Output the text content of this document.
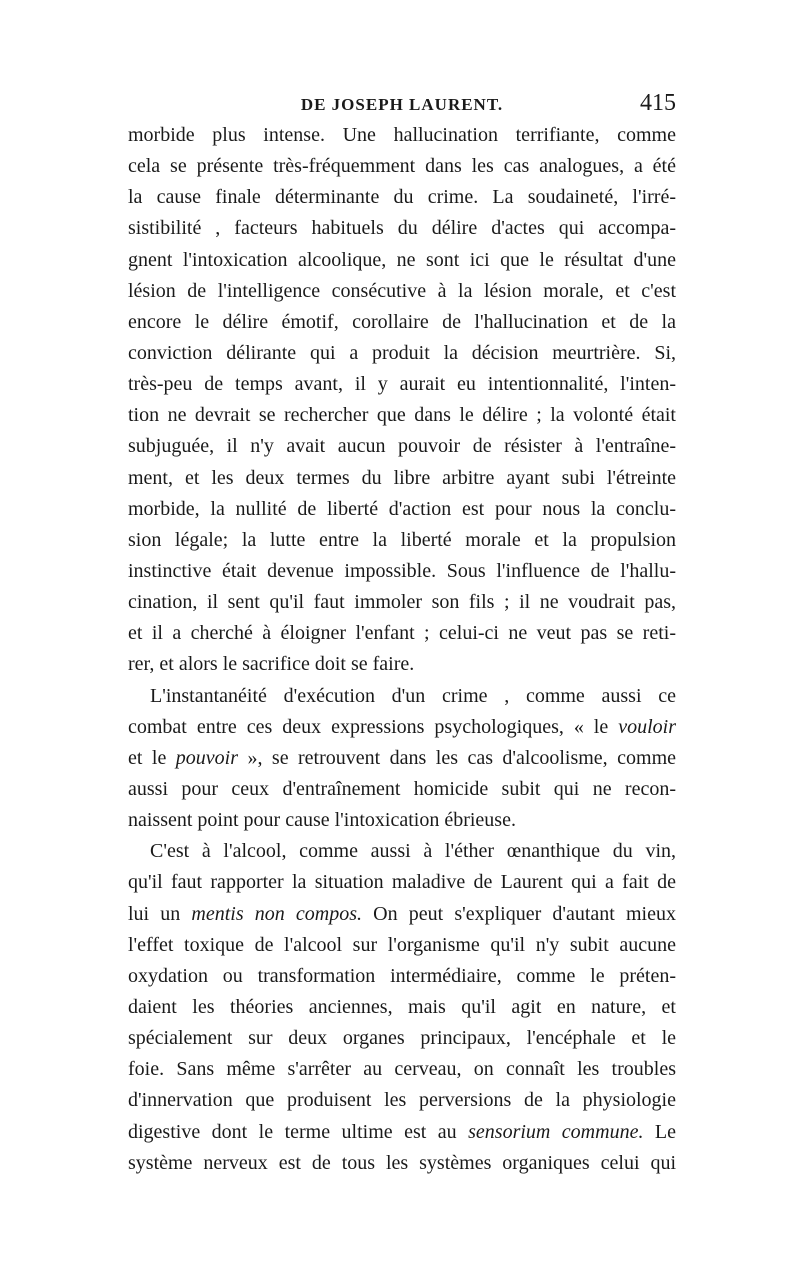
DE JOSEPH LAURENT.	415
morbide plus intense. Une hallucination terrifiante, comme
cela se présente très-fréquemment dans les cas analogues, a été
la cause finale déterminante du crime. La soudaineté, l'irré-
sistibilité , facteurs habituels du délire d'actes qui accompa-
gnent l'intoxication alcoolique, ne sont ici que le résultat d'une
lésion de l'intelligence consécutive à la lésion morale, et c'est
encore le délire émotif, corollaire de l'hallucination et de la
conviction délirante qui a produit la décision meurtrière. Si,
très-peu de temps avant, il y aurait eu intentionnalité, l'inten-
tion ne devrait se rechercher que dans le délire ; la volonté était
subjuguée, il n'y avait aucun pouvoir de résister à l'entraîne-
ment, et les deux termes du libre arbitre ayant subi l'étreinte
morbide, la nullité de liberté d'action est pour nous la conclu-
sion légale; la lutte entre la liberté morale et la propulsion
instinctive était devenue impossible. Sous l'influence de l'hallu-
cination, il sent qu'il faut immoler son fils ; il ne voudrait pas,
et il a cherché à éloigner l'enfant ; celui-ci ne veut pas se reti-
rer, et alors le sacrifice doit se faire.
L'instantanéité d'exécution d'un crime , comme aussi ce
combat entre ces deux expressions psychologiques, « le vouloir
et le pouvoir », se retrouvent dans les cas d'alcoolisme, comme
aussi pour ceux d'entraînement homicide subit qui ne recon-
naissent point pour cause l'intoxication ébrieuse.
C'est à l'alcool, comme aussi à l'éther œnanthique du vin,
qu'il faut rapporter la situation maladive de Laurent qui a fait de
lui un mentis non compos. On peut s'expliquer d'autant mieux
l'effet toxique de l'alcool sur l'organisme qu'il n'y subit aucune
oxydation ou transformation intermédiaire, comme le préten-
daient les théories anciennes, mais qu'il agit en nature, et
spécialement sur deux organes principaux, l'encéphale et le
foie. Sans même s'arrêter au cerveau, on connaît les troubles
d'innervation que produisent les perversions de la physiologie
digestive dont le terme ultime est au sensorium commune. Le
système nerveux est de tous les systèmes organiques celui qui
